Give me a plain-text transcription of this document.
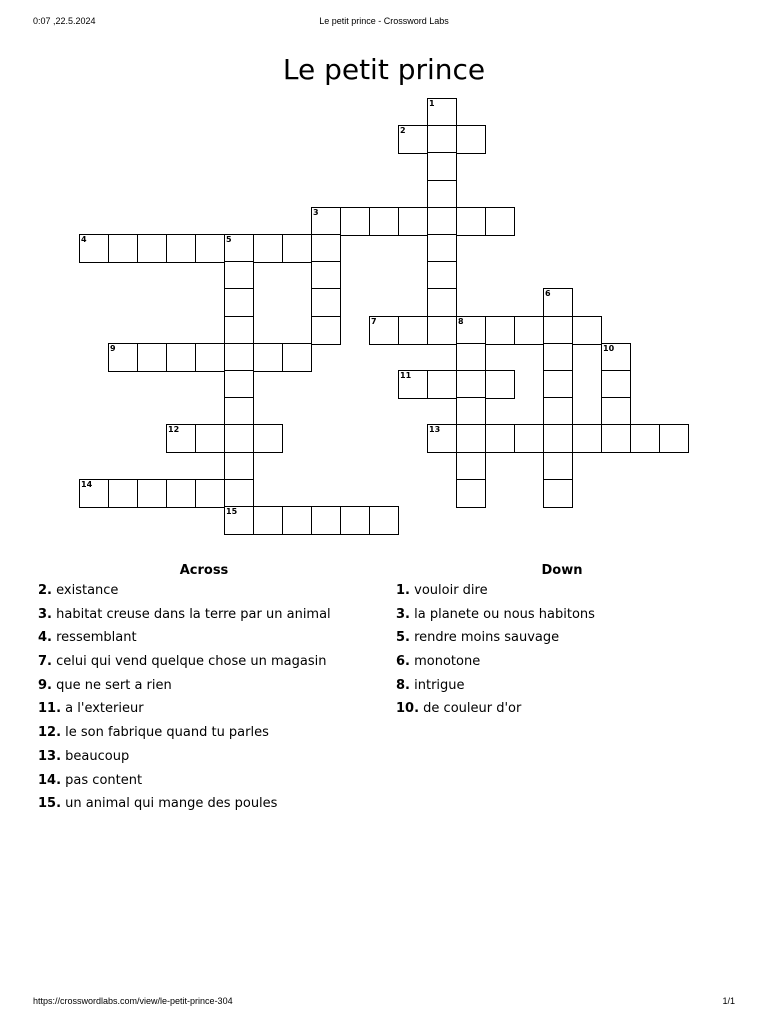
0:07 ,22.5.2024	Le petit prince - Crossword Labs
Le petit prince
1
2
3
4	5
6
7	8
9	10
11
12	13
14
15
Across
2. existance
3. habitat creuse dans la terre par un animal
4. ressemblant
7. celui qui vend quelque chose un magasin
9. que ne sert a rien
11. a l'exterieur
12. le son fabrique quand tu parles
13. beaucoup
14. pas content
15. un animal qui mange des poules
Down
1. vouloir dire
3. la planete ou nous habitons
5. rendre moins sauvage
6. monotone
8. intrigue
10. de couleur d'or
https://crosswordlabs.com/view/le-petit-prince-304	1/1
